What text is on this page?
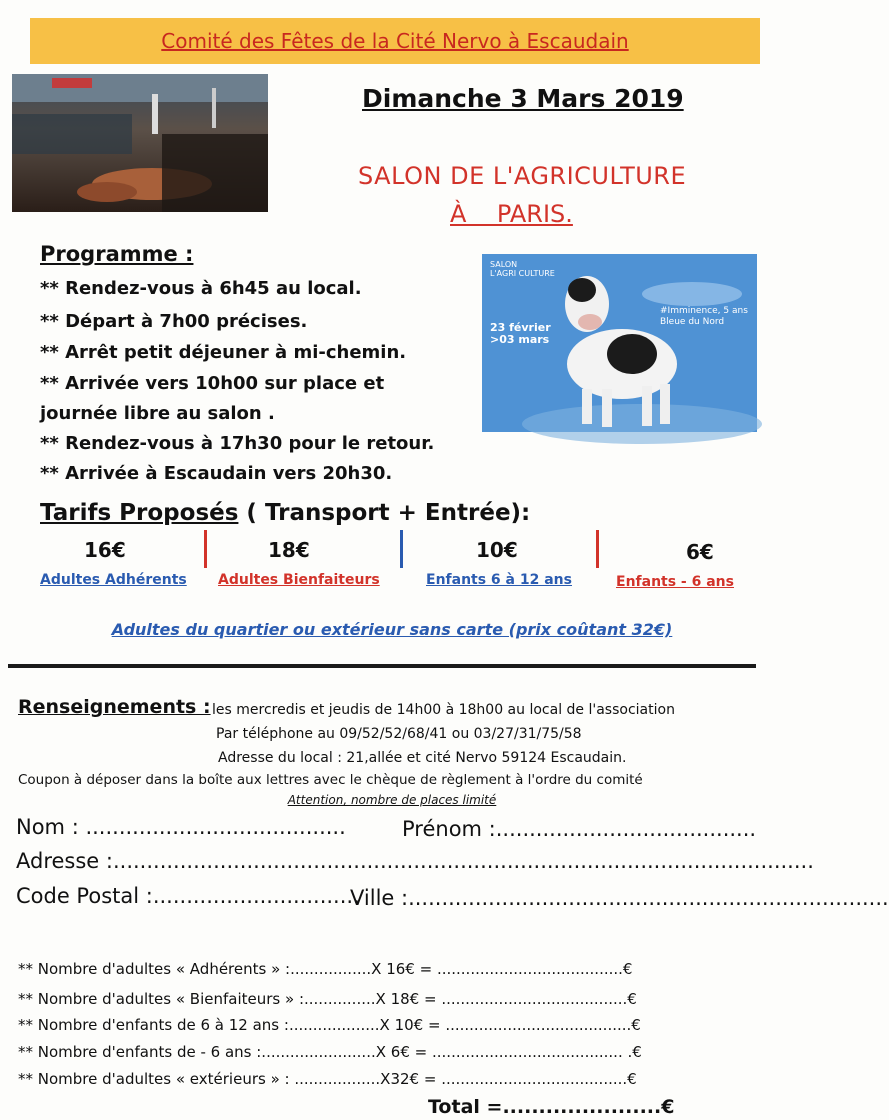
Comité des Fêtes de la Cité Nervo à Escaudain
Dimanche 3 Mars 2019
SALON DE L'AGRICULTURE
À    PARIS.
SALON
L'AGRI CULTURE
23 février
>03 mars
#Imminence, 5 ans Bleue du Nord
Programme :
** Rendez-vous à 6h45 au local.
** Départ à 7h00 précises.
** Arrêt petit déjeuner à mi-chemin.
** Arrivée vers 10h00 sur place et
journée libre au salon .
** Rendez-vous à 17h30 pour le retour.
** Arrivée à Escaudain vers 20h30.
Tarifs Proposés ( Transport + Entrée):
16€
Adultes Adhérents
18€
Adultes Bienfaiteurs
10€
Enfants 6 à 12 ans
6€
Enfants - 6 ans
Adultes du quartier ou extérieur sans carte (prix coûtant 32€)
Renseignements : les mercredis et jeudis de 14h00 à 18h00 au local de l'association
Par téléphone au 09/52/52/68/41 ou 03/27/31/75/58
Adresse du local : 21,allée et cité Nervo 59124 Escaudain.
Coupon à déposer dans la boîte aux lettres avec le chèque de règlement à l'ordre du comité
Attention, nombre de places limité
Nom : .......................................	Prénom :.......................................
Adresse :.........................................................................................................
Code Postal :...............................
Ville :........................................................................
** Nombre d'adultes « Adhérents » :.................X 16€ = .......................................€
** Nombre d'adultes « Bienfaiteurs » :...............X 18€ = .......................................€
** Nombre d'enfants de 6 à 12 ans :...................X 10€ = .......................................€
** Nombre d'enfants de - 6 ans :........................X 6€ = ........................................ .€
** Nombre d'adultes « extérieurs » : ..................X32€ = .......................................€
Total =......................€
